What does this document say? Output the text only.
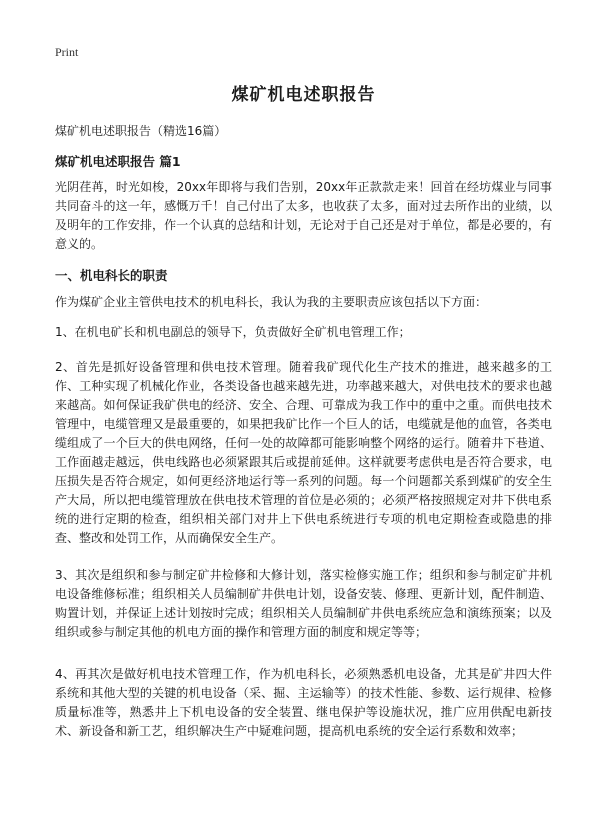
Print
煤矿机电述职报告

煤矿机电述职报告（精选16篇）

煤矿机电述职报告 篇1

光阴荏苒，时光如梭，20xx年即将与我们告别，20xx年正款款走来！回首在经坊煤业与同事共同奋斗的这一年，感慨万千！自己付出了太多，也收获了太多，面对过去所作出的业绩，以及明年的工作安排，作一个认真的总结和计划，无论对于自己还是对于单位，都是必要的，有意义的。

一、机电科长的职责

作为煤矿企业主管供电技术的机电科长，我认为我的主要职责应该包括以下方面：

1、在机电矿长和机电副总的领导下，负责做好全矿机电管理工作；

2、首先是抓好设备管理和供电技术管理。随着我矿现代化生产技术的推进，越来越多的工作、工种实现了机械化作业，各类设备也越来越先进，功率越来越大，对供电技术的要求也越来越高。如何保证我矿供电的经济、安全、合理、可靠成为我工作中的重中之重。而供电技术管理中，电缆管理又是最重要的，如果把我矿比作一个巨人的话，电缆就是他的血管，各类电缆组成了一个巨大的供电网络，任何一处的故障都可能影响整个网络的运行。随着井下巷道、工作面越走越远，供电线路也必须紧跟其后或提前延伸。这样就要考虑供电是否符合要求，电压损失是否符合规定，如何更经济地运行等一系列的问题。每一个问题都关系到煤矿的安全生产大局，所以把电缆管理放在供电技术管理的首位是必须的；必须严格按照规定对井下供电系统的进行定期的检查，组织相关部门对井上下供电系统进行专项的机电定期检查或隐患的排查、整改和处罚工作，从而确保安全生产。

3、其次是组织和参与制定矿井检修和大修计划，落实检修实施工作；组织和参与制定矿井机电设备维修标准；组织相关人员编制矿井供电计划，设备安装、修理、更新计划，配件制造、购置计划，并保证上述计划按时完成；组织相关人员编制矿井供电系统应急和演练预案；以及组织或参与制定其他的机电方面的操作和管理方面的制度和规定等等；

4、再其次是做好机电技术管理工作，作为机电科长，必须熟悉机电设备，尤其是矿井四大件系统和其他大型的关键的机电设备（采、掘、主运输等）的技术性能、参数、运行规律、检修质量标准等，熟悉井上下机电设备的安全装置、继电保护等设施状况，推广应用供配电新技术、新设备和新工艺，组织解决生产中疑难问题，提高机电系统的安全运行系数和效率；
